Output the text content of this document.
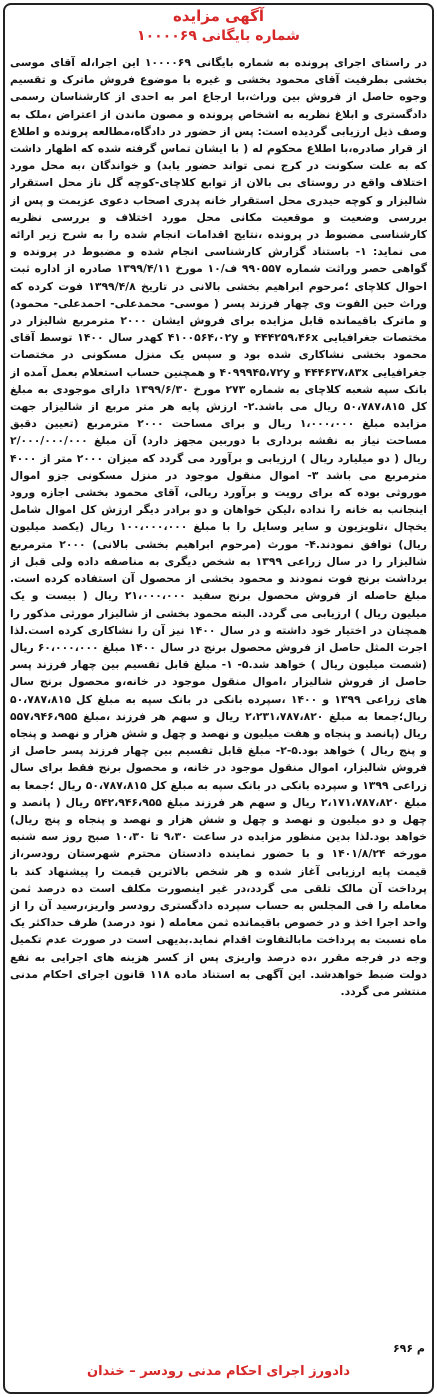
آگهی مزایده
شماره بایگانی ۱۰۰۰۰۶۹

در راستای اجرای پرونده به شماره بایگانی ۱۰۰۰۰۶۹ این اجرا،له آقای موسی بخشی بطرفیت آقای محمود بخشی و غیره با موضوع فروش ماترک و تقسیم وجوه حاصل از فروش بین وراث،با ارجاع امر به احدی از کارشناسان رسمی دادگستری و ابلاغ نظریه به اشخاص پرونده و مصون ماندن از اعتراض ،ملک به وصف ذیل ارزیابی گردیده است: پس از حضور در دادگاه،مطالعه پرونده و اطلاع از قرار صادره،با اطلاع محکوم له ( با ایشان تماس گرفته شده که اظهار داشت که به علت سکونت در کرج نمی تواند حضور یابد) و خواندگان ،به محل مورد اختلاف واقع در روستای بی بالان از توابع کلاچای-کوچه گل ناز محل استقرار شالیزار و کوچه حیدری محل استقرار خانه پدری اصحاب دعوی عزیمت و پس از بررسی وضعیت و موقعیت مکانی محل مورد اختلاف و بررسی نظریه کارشناسی مضبوط در پرونده ،نتایج اقدامات انجام شده را به شرح زیر ارائه می نماید: ۱- باستناد گزارش کارشناسی انجام شده و مضبوط در پرونده و گواهی حصر وراثت شماره ۹۹۰۵۵۷ ف/۱۰ مورخ ۱۳۹۹/۴/۱۱ صادره از اداره ثبت احوال کلاچای ؛مرحوم ابراهیم بخشی بالانی در تاریخ ۱۳۹۹/۴/۸ فوت کرده که وراث حین الفوت وی چهار فرزند پسر ( موسی- محمدعلی- احمدعلی- محمود) و ماترک باقیمانده قابل مزایده برای فروش ایشان ۲۰۰۰ مترمربع شالیزار در مختصات جغرافیایی ۴۴۴۲۵۹،۴۶x و ۴۱۰۰۵۶۴،۰۲y کهدر سال ۱۴۰۰ توسط آقای محمود بخشی نشاکاری شده بود و سپس یک منزل مسکونی در مختصات جغرافیایی ۴۴۴۶۳۷،۸۳x و ۴۰۹۹۹۴۵،۷۲y و همچنین حساب استعلام بعمل آمده از بانک سپه شعبه کلاچای به شماره ۲۷۳ مورخ ۱۳۹۹/۶/۳۰ دارای موجودی به مبلغ کل ۵۰،۷۸۷،۸۱۵ ریال می باشد.۲- ارزش پایه هر متر مربع از شالیزار جهت مزایده مبلغ ۱،۰۰۰،۰۰۰ ریال و برای مساحت ۲۰۰۰ مترمربع (تعیین دقیق مساحت نیاز به نقشه برداری با دوربین مجهز دارد) آن مبلغ ۲/۰۰۰/۰۰۰/۰۰۰ ریال ( دو میلیارد ریال ) ارزیابی و برآورد می گردد که میزان ۲۰۰۰ متر از ۴۰۰۰ مترمربع می باشد ۳- اموال منقول موجود در منزل مسکونی جزو اموال موروثی بوده که برای رویت و برآورد ریالی، آقای محمود بخشی اجازه ورود اینجانب به خانه را نداده ،لیکن خواهان و دو برادر دیگر ارزش کل اموال شامل یخچال ،تلویزیون و سایر وسایل را با مبلغ ۱۰۰،۰۰۰،۰۰۰ ریال (یکصد میلیون ریال) توافق نمودند.۴- مورث (مرحوم ابراهیم بخشی بالانی) ۲۰۰۰ مترمربع شالیزار را در سال زراعی ۱۳۹۹ به شخص دیگری به مناصفه داده ولی قبل از برداشت برنج فوت نمودند و محمود بخشی از محصول آن استفاده کرده است. مبلغ حاصله از فروش محصول برنج سفید ۲۱،۰۰۰،۰۰۰ ریال ( بیست و یک میلیون ریال ) ارزیابی می گردد. البته محمود بخشی از شالیزار مورثی مذکور را همچنان در اختیار خود داشته و در سال ۱۴۰۰ نیز آن را نشاکاری کرده است.لذا اجرت المثل حاصل از فروش محصول برنج در سال ۱۴۰۰ مبلغ ۶۰،۰۰۰،۰۰۰ ریال (شصت میلیون ریال ) خواهد شد.۵- ۱- مبلغ قابل تقسیم بین چهار فرزند پسر حاصل از فروش شالیزار ،اموال منقول موجود در خانه،و محصول برنج سال های زراعی ۱۳۹۹ و ۱۴۰۰ ،سپرده بانکی در بانک سپه به مبلغ کل ۵۰،۷۸۷،۸۱۵ ریال؛جمعا به مبلغ ۲،۲۳۱،۷۸۷،۸۲۰ ریال و سهم هر فرزند ،مبلغ ۵۵۷،۹۴۶،۹۵۵ ریال (پانصد و پنجاه و هفت میلیون و نهصد و چهل و شش هزار و نهصد و پنجاه و پنج ریال ) خواهد بود.۵-۲- مبلغ قابل تقسیم بین چهار فرزند پسر حاصل از فروش شالیزار، اموال منقول موجود در خانه، و محصول برنج فقط برای سال زراعی ۱۳۹۹ و سپرده بانکی در بانک سپه به مبلغ کل ۵۰،۷۸۷،۸۱۵ ریال ؛جمعا به مبلغ ۲،۱۷۱،۷۸۷،۸۲۰ ریال و سهم هر فرزند مبلغ ۵۴۲،۹۴۶،۹۵۵ ریال ( پانصد و چهل و دو میلیون و نهصد و چهل و شش هزار و نهصد و پنجاه و پنج ریال) خواهد بود.لذا بدین منظور مزایده در ساعت ۹،۳۰ تا ۱۰،۳۰ صبح روز سه شنبه مورخه ۱۴۰۱/۸/۲۴ و با حضور نماینده دادستان محترم شهرستان رودسر،از قیمت پایه ارزیابی آغاز شده و هر شخص بالاترین قیمت را پیشنهاد کند با پرداخت آن مالک تلقی می گردد،در غیر اینصورت مکلف است ده درصد ثمن معامله را فی المجلس به حساب سپرده دادگستری رودسر واریز،رسید آن را از واحد اجرا اخذ و در خصوص باقیمانده ثمن معامله ( نود درصد) ظرف حداکثر یک ماه نسبت به پرداخت مابالتفاوت اقدام نماید.بدیهی است در صورت عدم تکمیل وجه در فرجه مقرر ،ده درصد واریزی پس از کسر هزینه های اجرایی به نفع دولت ضبط خواهدشد. این آگهی به استناد ماده ۱۱۸ قانون اجرای احکام مدنی منتشر می گردد.

م ۶۹۶
دادورز اجرای احکام مدنی رودسر – خندان
